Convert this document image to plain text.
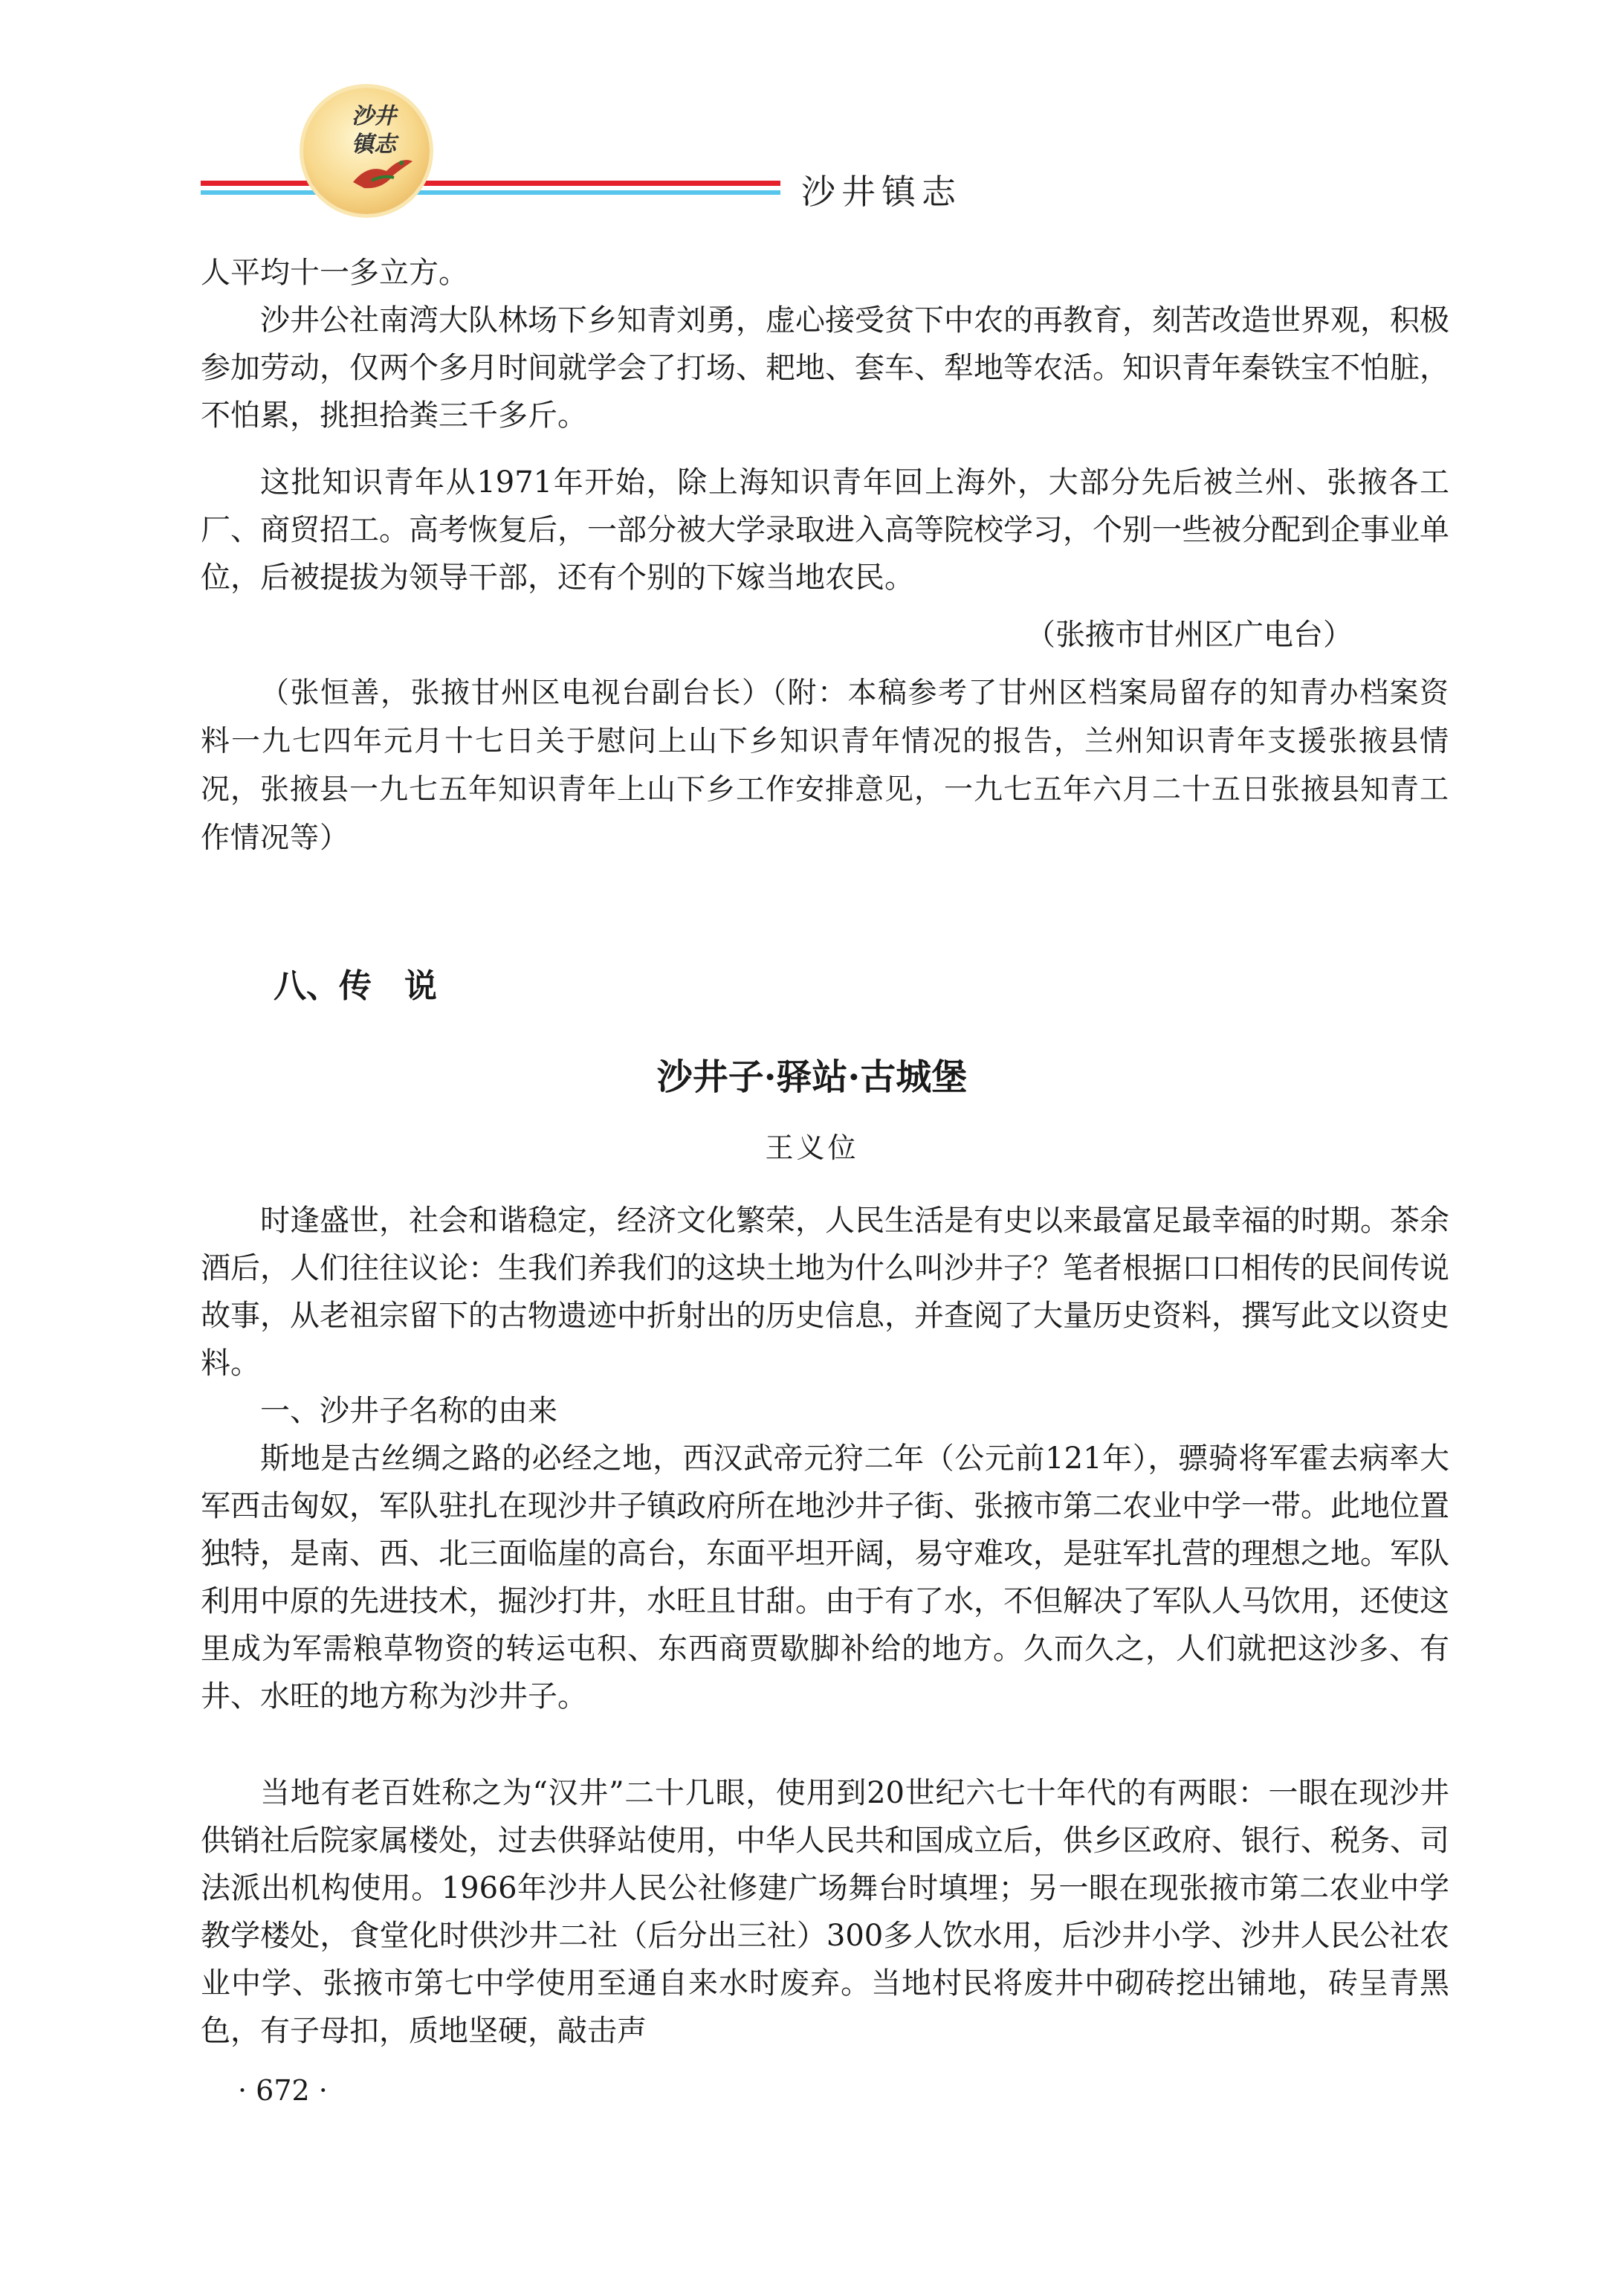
沙井
镇志
沙井镇志

人平均十一多立方。

沙井公社南湾大队林场下乡知青刘勇，虚心接受贫下中农的再教育，刻苦改造世界观，积极参加劳动，仅两个多月时间就学会了打场、耙地、套车、犁地等农活。知识青年秦铁宝不怕脏，不怕累，挑担拾粪三千多斤。

这批知识青年从1971年开始，除上海知识青年回上海外，大部分先后被兰州、张掖各工厂、商贸招工。高考恢复后，一部分被大学录取进入高等院校学习，个别一些被分配到企事业单位，后被提拔为领导干部，还有个别的下嫁当地农民。

（张掖市甘州区广电台）

（张恒善，张掖甘州区电视台副台长）（附：本稿参考了甘州区档案局留存的知青办档案资料一九七四年元月十七日关于慰问上山下乡知识青年情况的报告，兰州知识青年支援张掖县情况，张掖县一九七五年知识青年上山下乡工作安排意见，一九七五年六月二十五日张掖县知青工作情况等）

八、传　说
沙井子·驿站·古城堡
王义位

时逢盛世，社会和谐稳定，经济文化繁荣，人民生活是有史以来最富足最幸福的时期。茶余酒后，人们往往议论：生我们养我们的这块土地为什么叫沙井子？笔者根据口口相传的民间传说故事，从老祖宗留下的古物遗迹中折射出的历史信息，并查阅了大量历史资料，撰写此文以资史料。

一、沙井子名称的由来

斯地是古丝绸之路的必经之地，西汉武帝元狩二年（公元前121年），骠骑将军霍去病率大军西击匈奴，军队驻扎在现沙井子镇政府所在地沙井子街、张掖市第二农业中学一带。此地位置独特，是南、西、北三面临崖的高台，东面平坦开阔，易守难攻，是驻军扎营的理想之地。军队利用中原的先进技术，掘沙打井，水旺且甘甜。由于有了水，不但解决了军队人马饮用，还使这里成为军需粮草物资的转运屯积、东西商贾歇脚补给的地方。久而久之，人们就把这沙多、有井、水旺的地方称为沙井子。

当地有老百姓称之为“汉井”二十几眼，使用到20世纪六七十年代的有两眼：一眼在现沙井供销社后院家属楼处，过去供驿站使用，中华人民共和国成立后，供乡区政府、银行、税务、司法派出机构使用。1966年沙井人民公社修建广场舞台时填埋；另一眼在现张掖市第二农业中学教学楼处，食堂化时供沙井二社（后分出三社）300多人饮水用，后沙井小学、沙井人民公社农业中学、张掖市第七中学使用至通自来水时废弃。当地村民将废井中砌砖挖出铺地，砖呈青黑色，有子母扣，质地坚硬，敲击声

· 672 ·
